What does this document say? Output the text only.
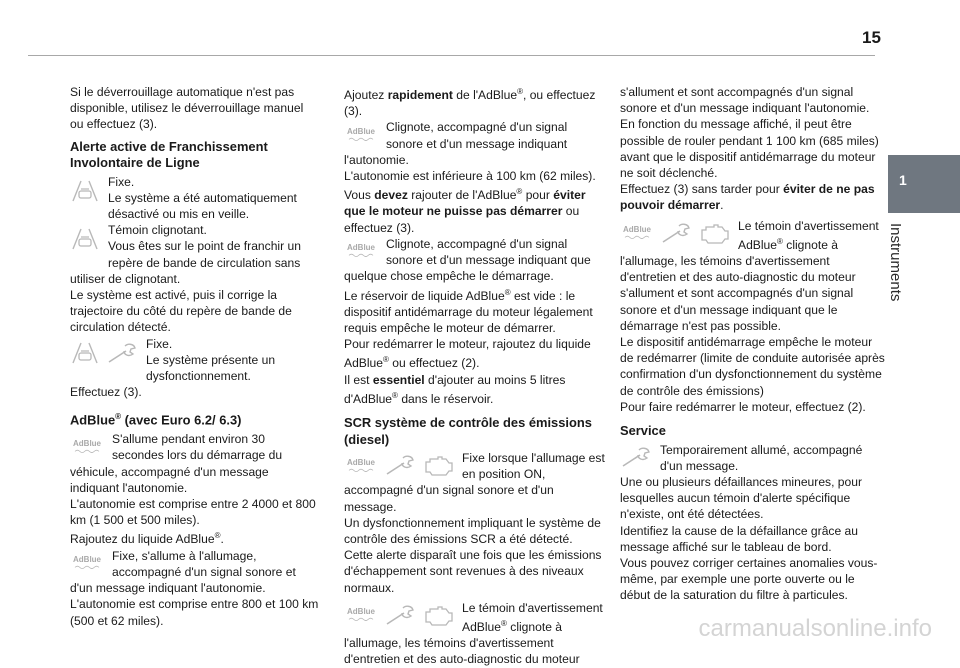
15
1
Instruments

Si le déverrouillage automatique n'est pas disponible, utilisez le déverrouillage manuel ou effectuez (3).

Alerte active de Franchissement Involontaire de Ligne

Fixe.

Le système a été automatiquement désactivé ou mis en veille.

Témoin clignotant.

Vous êtes sur le point de franchir un repère de bande de circulation sans utiliser de clignotant.

Le système est activé, puis il corrige la trajectoire du côté du repère de bande de circulation détecté.

Fixe.

Le système présente un dysfonctionnement.

Effectuez (3).

AdBlue® (avec Euro 6.2/ 6.3)
AdBlue S'allume pendant environ 30 secondes lors du démarrage du véhicule, accompagné d'un message indiquant l'autonomie.

L'autonomie est comprise entre 2 4000 et 800 km (1 500 et 500 miles).

Rajoutez du liquide AdBlue®.

AdBlue Fixe, s'allume à l'allumage, accompagné d'un signal sonore et d'un message indiquant l'autonomie.

L'autonomie est comprise entre 800 et 100 km (500 et 62 miles).

Ajoutez rapidement de l'AdBlue®, ou effectuez (3).

AdBlue Clignote, accompagné d'un signal sonore et d'un message indiquant l'autonomie.

L'autonomie est inférieure à 100 km (62 miles).

Vous devez rajouter de l'AdBlue® pour éviter que le moteur ne puisse pas démarrer ou effectuez (3).

AdBlue Clignote, accompagné d'un signal sonore et d'un message indiquant que quelque chose empêche le démarrage.

Le réservoir de liquide AdBlue® est vide : le dispositif antidémarrage du moteur légalement requis empêche le moteur de démarrer.

Pour redémarrer le moteur, rajoutez du liquide AdBlue® ou effectuez (2).

Il est essentiel d'ajouter au moins 5 litres d'AdBlue® dans le réservoir.

SCR système de contrôle des émissions (diesel)
AdBlue	Fixe lorsque l'allumage est en position ON, accompagné d'un signal sonore et d'un message.

Un dysfonctionnement impliquant le système de contrôle des émissions SCR a été détecté.

Cette alerte disparaît une fois que les émissions d'échappement sont revenues à des niveaux normaux.

AdBlue	Le témoin d'avertissement AdBlue® clignote à l'allumage, les témoins d'avertissement d'entretien et des auto-diagnostic du moteur

s'allument et sont accompagnés d'un signal sonore et d'un message indiquant l'autonomie.

En fonction du message affiché, il peut être possible de rouler pendant 1 100 km (685 miles) avant que le dispositif antidémarrage du moteur ne soit déclenché.

Effectuez (3) sans tarder pour éviter de ne pas pouvoir démarrer.

AdBlue	Le témoin d'avertissement AdBlue® clignote à l'allumage, les témoins d'avertissement d'entretien et des auto-diagnostic du moteur s'allument et sont accompagnés d'un signal sonore et d'un message indiquant que le démarrage n'est pas possible.

Le dispositif antidémarrage empêche le moteur de redémarrer (limite de conduite autorisée après confirmation d'un dysfonctionnement du système de contrôle des émissions)

Pour faire redémarrer le moteur, effectuez (2).

Service

Temporairement allumé, accompagné d'un message.

Une ou plusieurs défaillances mineures, pour lesquelles aucun témoin d'alerte spécifique n'existe, ont été détectées.

Identifiez la cause de la défaillance grâce au message affiché sur le tableau de bord.

Vous pouvez corriger certaines anomalies vous-même, par exemple une porte ouverte ou le début de la saturation du filtre à particules.

carmanualsonline.info
